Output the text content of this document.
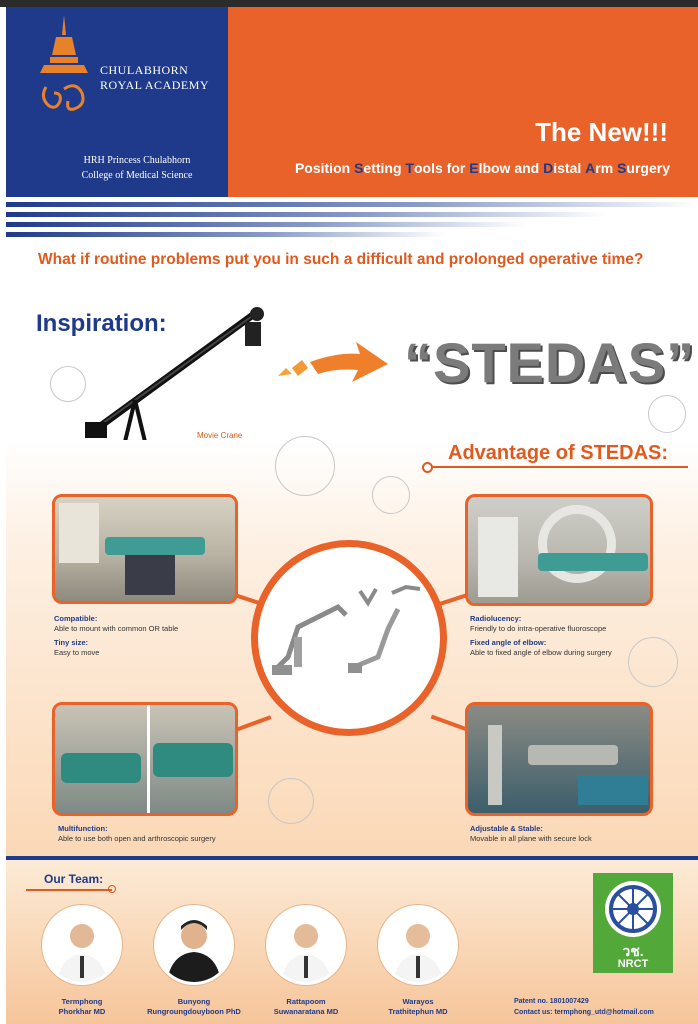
CHULABHORN
ROYAL ACADEMY
HRH Princess Chulabhorn
College of Medical Science
The New!!!
Position Setting Tools for Elbow and Distal Arm Surgery
What if routine problems put you in such a difficult and prolonged operative time?
Inspiration:
Movie Crane
“STEDAS”
Advantage of STEDAS:
Compatible:
Able to mount with common OR table
Tiny size:
Easy to move
Radiolucency:
Friendly to do intra-operative fluoroscope
Fixed angle of elbow:
Able to fixed angle of elbow during surgery
Multifunction:
Able to use both open and arthroscopic surgery
Adjustable & Stable:
Movable in all plane with secure lock
Our Team:
Termphong
Phorkhar MD
Bunyong
Rungroungdouyboon PhD
Rattapoom
Suwanaratana MD
Warayos
Trathitephun MD
วช.
NRCT
Patent no. 1801007429
Contact us: termphong_utd@hotmail.com
